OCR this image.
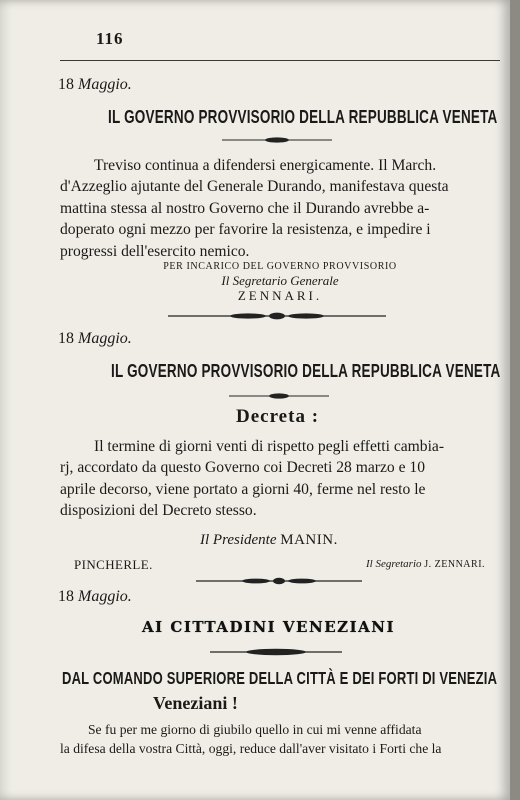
116
18 Maggio.
IL GOVERNO PROVVISORIO DELLA REPUBBLICA VENETA
Treviso continua a difendersi energicamente. Il March.
d'Azzeglio ajutante del Generale Durando, manifestava questa
mattina stessa al nostro Governo che il Durando avrebbe a-
doperato ogni mezzo per favorire la resistenza, e impedire i
progressi dell'esercito nemico.
PER INCARICO DEL GOVERNO PROVVISORIO
Il Segretario Generale
ZENNARI.
18 Maggio.
IL GOVERNO PROVVISORIO DELLA REPUBBLICA VENETA
Decreta :
Il termine di giorni venti di rispetto pegli effetti cambia-
rj, accordato da questo Governo coi Decreti 28 marzo e 10
aprile decorso, viene portato a giorni 40, ferme nel resto le
disposizioni del Decreto stesso.
Il Presidente MANIN.
PINCHERLE.	Il Segretario J. ZENNARI.
18 Maggio.
AI CITTADINI VENEZIANI
DAL COMANDO SUPERIORE DELLA CITTÀ E DEI FORTI DI VENEZIA
Veneziani !
Se fu per me giorno di giubilo quello in cui mi venne affidata
la difesa della vostra Città, oggi, reduce dall'aver visitato i Forti che la
